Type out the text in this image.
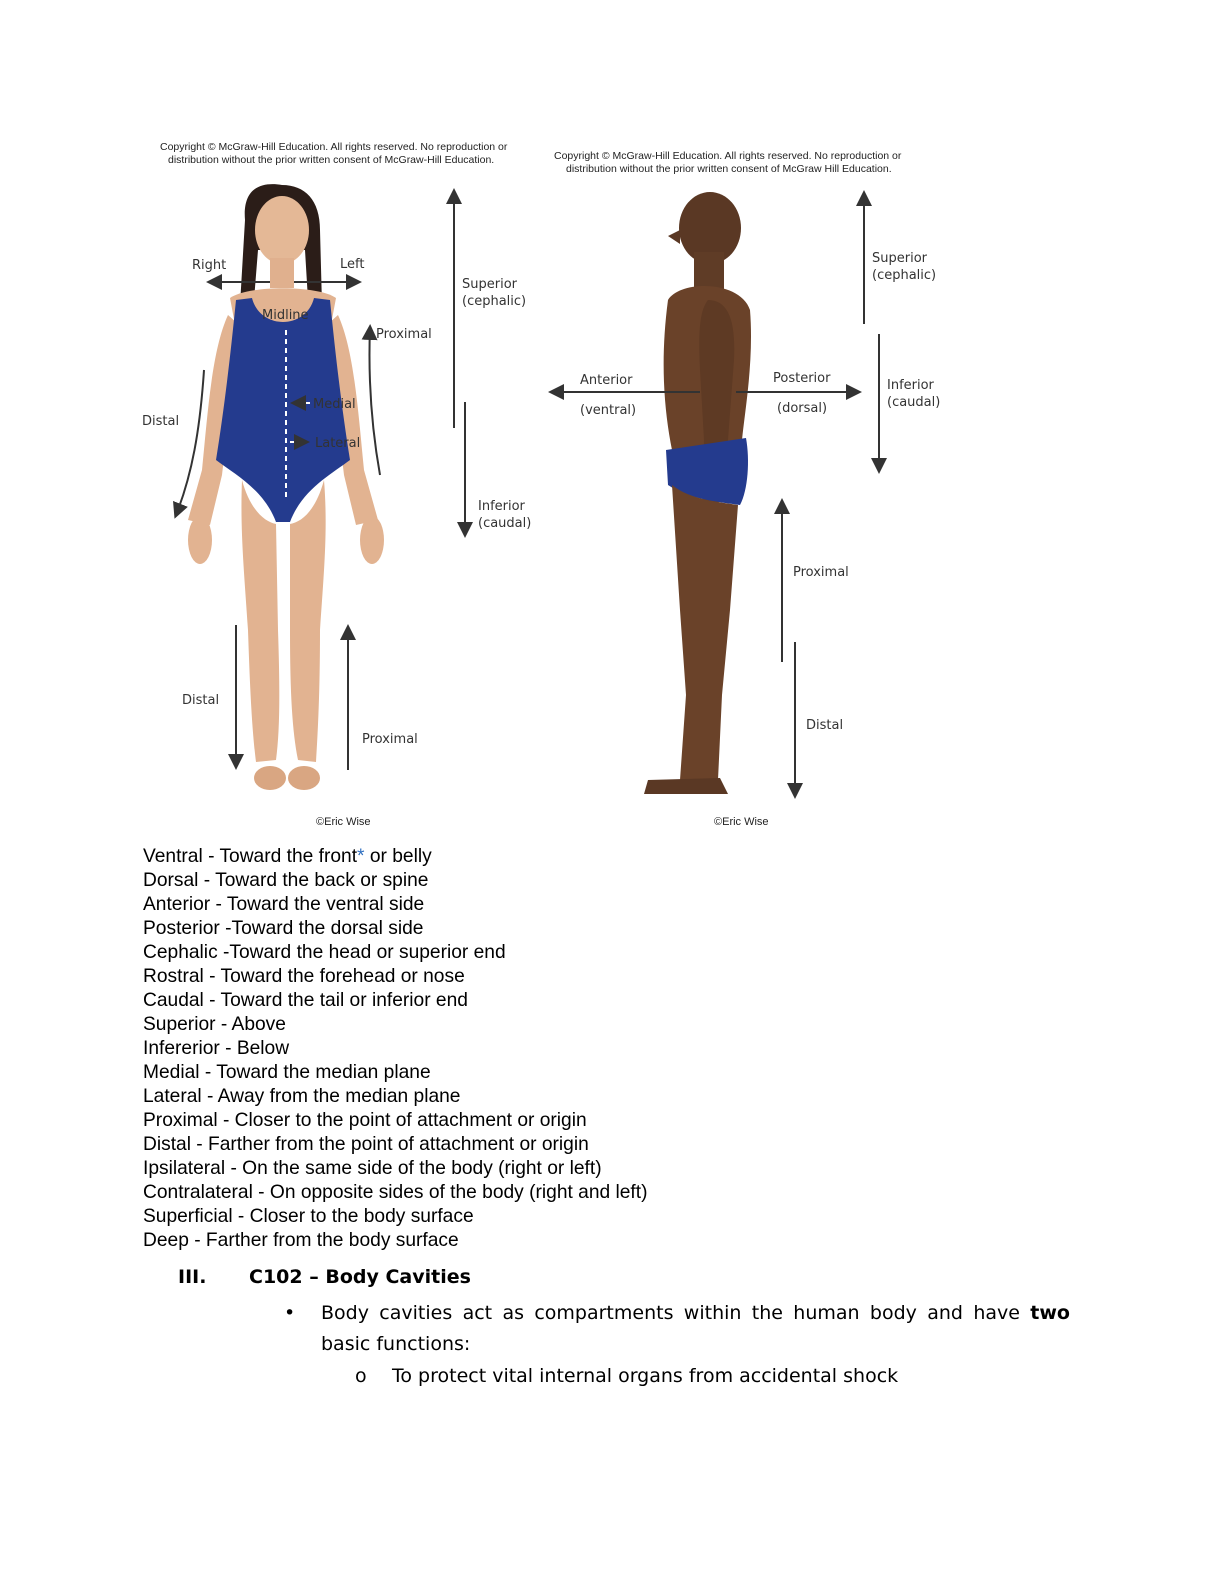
Copyright © McGraw-Hill Education. All rights reserved. No reproduction or
distribution without the prior written consent of McGraw-Hill Education.
Right	Left
Midline
Medial
Lateral
Proximal
Distal
Superior
(cephalic)
Inferior
(caudal)
Distal
Proximal
©Eric Wise
Copyright © McGraw-Hill Education. All rights reserved. No reproduction or
distribution without the prior written consent of McGraw Hill Education.
Anterior
(ventral)
Posterior
(dorsal)
Superior
(cephalic)
Inferior
(caudal)
Proximal
Distal
©Eric Wise
Ventral - Toward the front* or belly
Dorsal - Toward the back or spine
Anterior - Toward the ventral side
Posterior -Toward the dorsal side
Cephalic -Toward the head or superior end
Rostral - Toward the forehead or nose
Caudal - Toward the tail or inferior end
Superior - Above
Infererior - Below
Medial - Toward the median plane
Lateral - Away from the median plane
Proximal - Closer to the point of attachment or origin
Distal - Farther from the point of attachment or origin
Ipsilateral - On the same side of the body (right or left)
Contralateral - On opposite sides of the body (right and left)
Superficial - Closer to the body surface
Deep - Farther from the body surface
III. C102 – Body Cavities
• Body cavities act as compartments within the human body and have two basic functions:
o To protect vital internal organs from accidental shock
